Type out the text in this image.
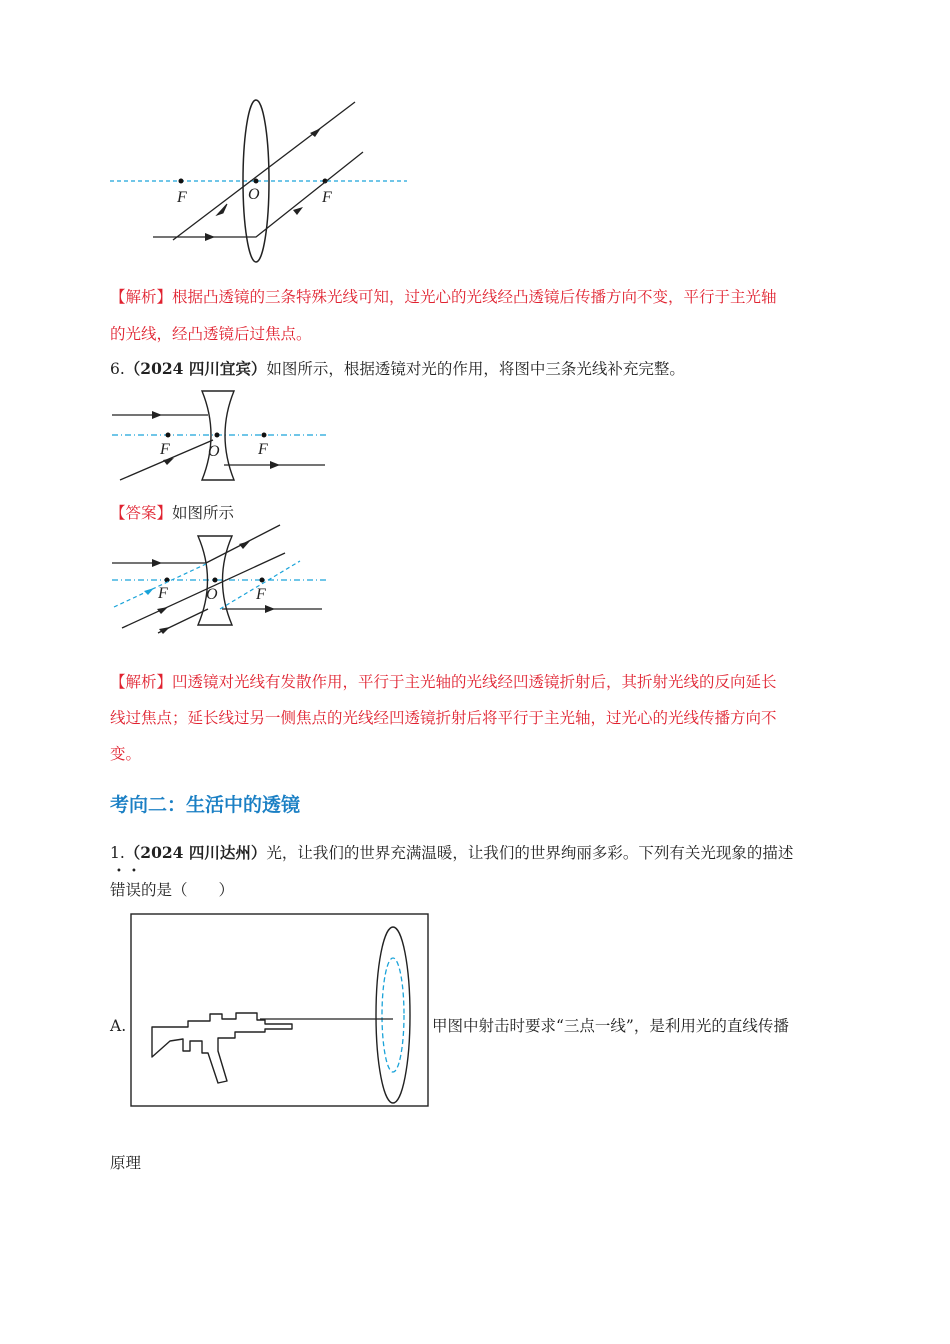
F	O	F
【解析】根据凸透镜的三条特殊光线可知，过光心的光线经凸透镜后传播方向不变，平行于主光轴
的光线，经凸透镜后过焦点。
6.（2024 四川宜宾）如图所示，根据透镜对光的作用，将图中三条光线补充完整。
F O F
【答案】如图所示
F O F
【解析】凹透镜对光线有发散作用，平行于主光轴的光线经凹透镜折射后，其折射光线的反向延长
线过焦点；延长线过另一侧焦点的光线经凹透镜折射后将平行于主光轴，过光心的光线传播方向不
变。
考向二：生活中的透镜
1.（2024 四川达州）光，让我们的世界充满温暖，让我们的世界绚丽多彩。下列有关光现象的描述
• •
错误的是（　　）
A.	甲图中射击时要求“三点一线”，是利用光的直线传播
原理
